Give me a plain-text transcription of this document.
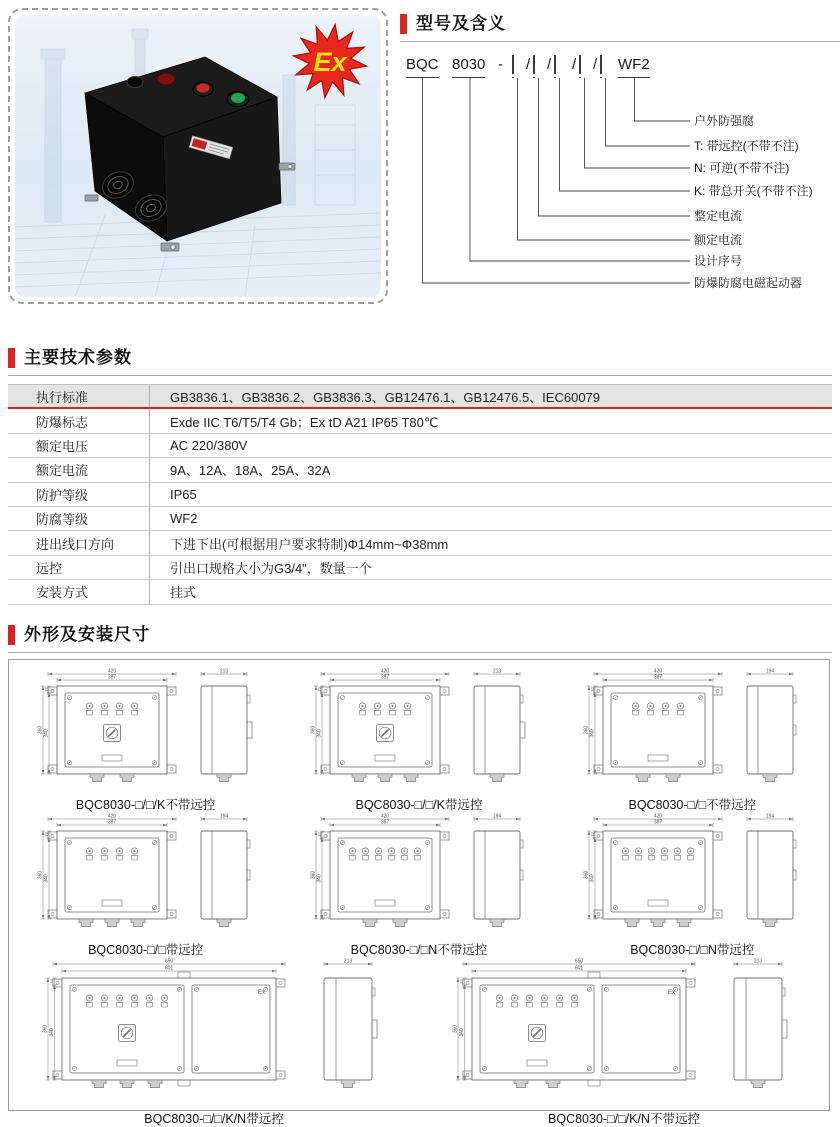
Ex
型号及含义
BQC 8030 - / / / / WF2
户外防强腐
T: 带远控(不带不注)
N: 可逆(不带不注)
K: 带总开关(不带不注)
整定电流
额定电流
设计序号
防爆防腐电磁起动器
主要技术参数
执行标准	GB3836.1、GB3836.2、GB3836.3、GB12476.1、GB12476.5、IEC60079
防爆标志	Exde IIC T6/T5/T4 Gb；Ex tD A21 IP65 T80℃
额定电压	AC 220/380V
额定电流	9A、12A、18A、25A、32A
防护等级	IP65
防腐等级	WF2
进出线口方向	下进下出(可根据用户要求特制)Φ14mm~Φ38mm
远控	引出口规格大小为G3/4"，数量一个
安装方式	挂式
外形及安装尺寸
420
387
360 340
33
213
BQC8030-□/□/K不带远控
420
387
360 340
33
213
BQC8030-□/□/K带远控
420
387
360 340
33
194
BQC8030-□/□不带远控
420
387
360 340
33
194
BQC8030-□/□带远控
420
387
360 340
33
194
BQC8030-□/□N不带远控
420
387
360 340
33
194
BQC8030-□/□N带远控
Ex
650
601
360 340
33
213
BQC8030-□/□/K/N带远控
Ex
650
601
360 340
33
213
BQC8030-□/□/K/N不带远控
